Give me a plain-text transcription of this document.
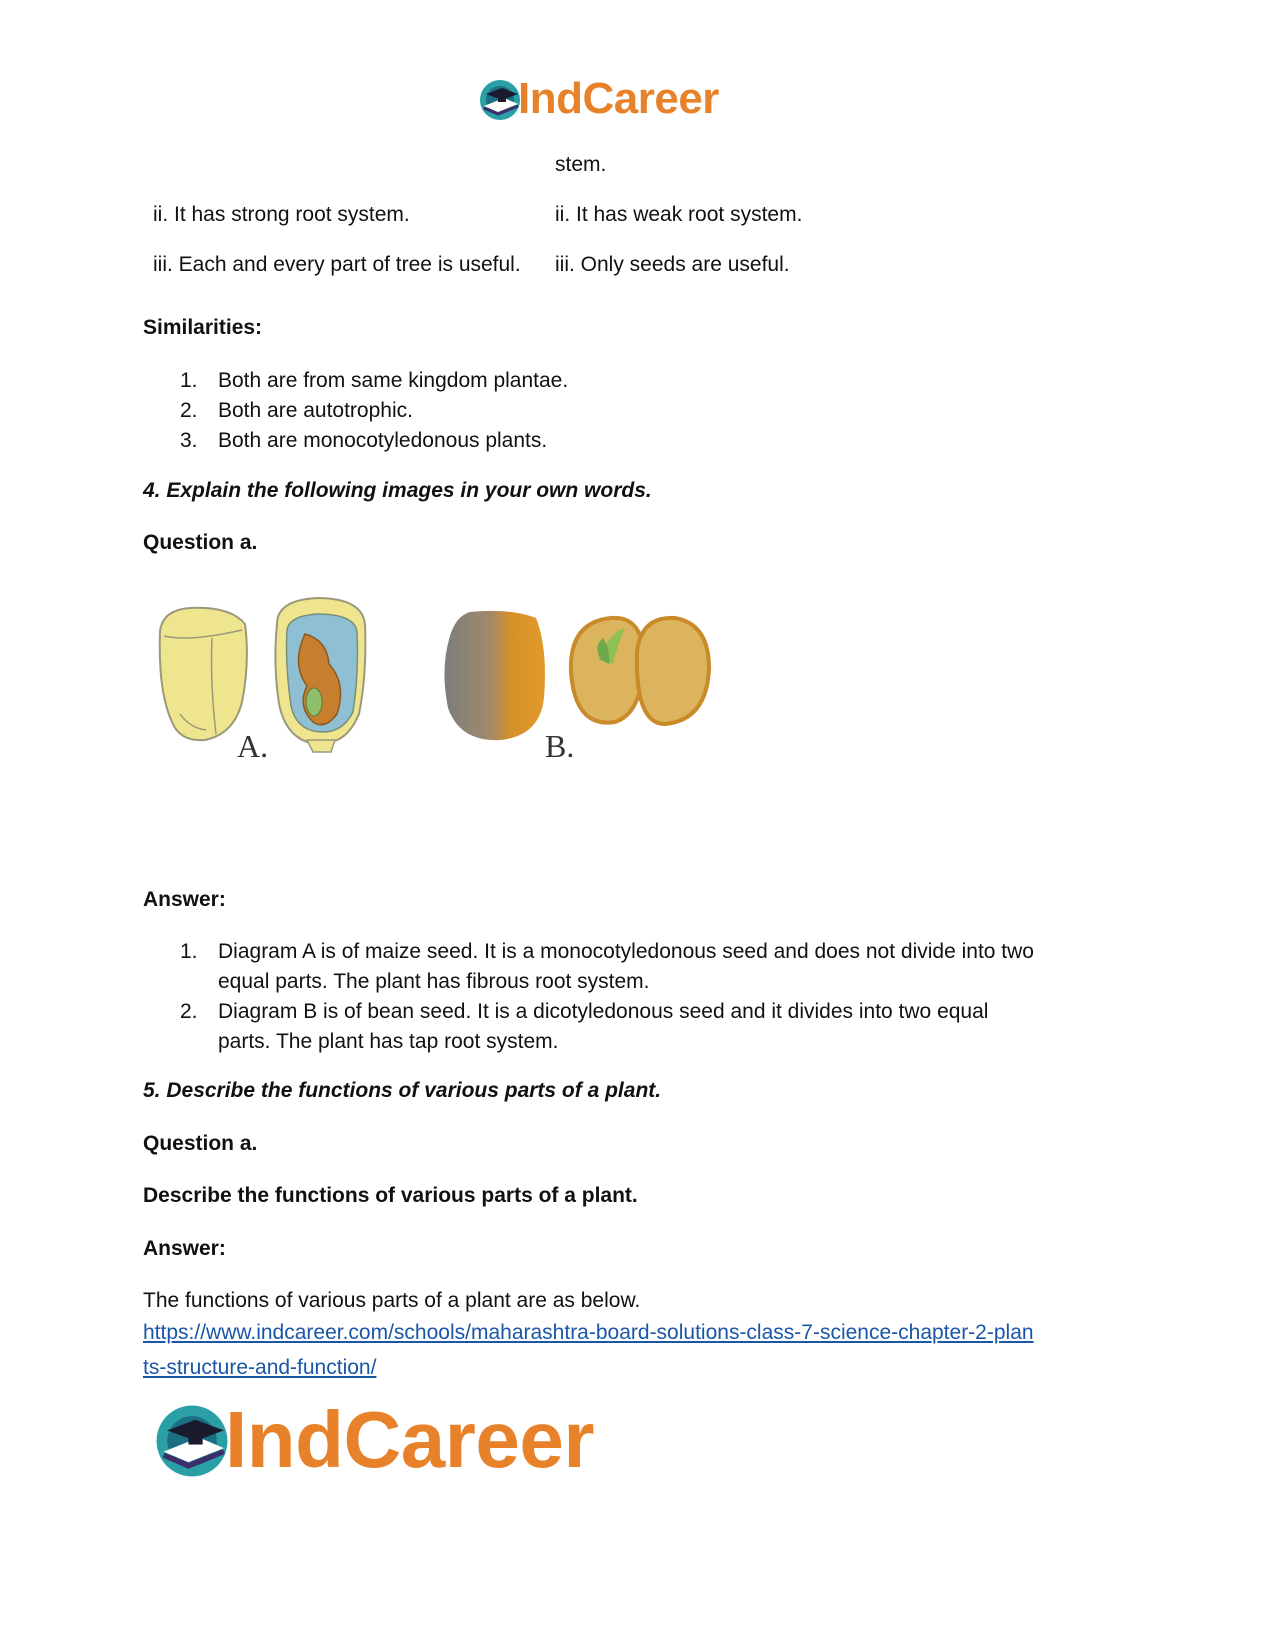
IndCareer
stem.
ii. It has strong root system.	ii. It has weak root system.
iii. Each and every part of tree is useful. iii. Only seeds are useful.
Similarities:
1. Both are from same kingdom plantae.
2. Both are autotrophic.
3. Both are monocotyledonous plants.
4. Explain the following images in your own words.
Question a.
A.	B.
Answer:
1. Diagram A is of maize seed. It is a monocotyledonous seed and does not divide into two
equal parts. The plant has fibrous root system.
2. Diagram B is of bean seed. It is a dicotyledonous seed and it divides into two equal
parts. The plant has tap root system.
5. Describe the functions of various parts of a plant.
Question a.
Describe the functions of various parts of a plant.
Answer:
The functions of various parts of a plant are as below.
https://www.indcareer.com/schools/maharashtra-board-solutions-class-7-science-chapter-2-plan
ts-structure-and-function/
IndCareer
